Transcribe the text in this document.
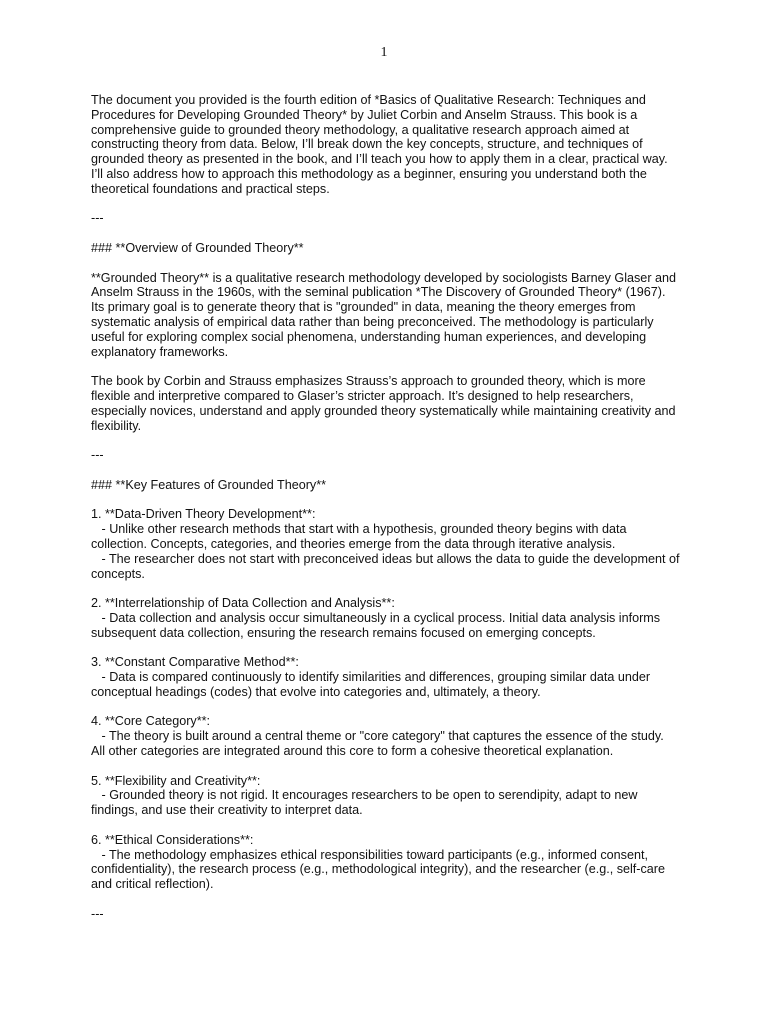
1

The document you provided is the fourth edition of *Basics of Qualitative Research: Techniques and
Procedures for Developing Grounded Theory* by Juliet Corbin and Anselm Strauss. This book is a
comprehensive guide to grounded theory methodology, a qualitative research approach aimed at
constructing theory from data. Below, I’ll break down the key concepts, structure, and techniques of
grounded theory as presented in the book, and I’ll teach you how to apply them in a clear, practical way.
I’ll also address how to approach this methodology as a beginner, ensuring you understand both the
theoretical foundations and practical steps.

---

### **Overview of Grounded Theory**

**Grounded Theory** is a qualitative research methodology developed by sociologists Barney Glaser and
Anselm Strauss in the 1960s, with the seminal publication *The Discovery of Grounded Theory* (1967).
Its primary goal is to generate theory that is "grounded" in data, meaning the theory emerges from
systematic analysis of empirical data rather than being preconceived. The methodology is particularly
useful for exploring complex social phenomena, understanding human experiences, and developing
explanatory frameworks.

The book by Corbin and Strauss emphasizes Strauss’s approach to grounded theory, which is more
flexible and interpretive compared to Glaser’s stricter approach. It’s designed to help researchers,
especially novices, understand and apply grounded theory systematically while maintaining creativity and
flexibility.

---

### **Key Features of Grounded Theory**

1. **Data-Driven Theory Development**:
- Unlike other research methods that start with a hypothesis, grounded theory begins with data
collection. Concepts, categories, and theories emerge from the data through iterative analysis.
- The researcher does not start with preconceived ideas but allows the data to guide the development of
concepts.

2. **Interrelationship of Data Collection and Analysis**:
- Data collection and analysis occur simultaneously in a cyclical process. Initial data analysis informs
subsequent data collection, ensuring the research remains focused on emerging concepts.

3. **Constant Comparative Method**:
- Data is compared continuously to identify similarities and differences, grouping similar data under
conceptual headings (codes) that evolve into categories and, ultimately, a theory.

4. **Core Category**:
- The theory is built around a central theme or "core category" that captures the essence of the study.
All other categories are integrated around this core to form a cohesive theoretical explanation.

5. **Flexibility and Creativity**:
- Grounded theory is not rigid. It encourages researchers to be open to serendipity, adapt to new
findings, and use their creativity to interpret data.

6. **Ethical Considerations**:
- The methodology emphasizes ethical responsibilities toward participants (e.g., informed consent,
confidentiality), the research process (e.g., methodological integrity), and the researcher (e.g., self-care
and critical reflection).

---
